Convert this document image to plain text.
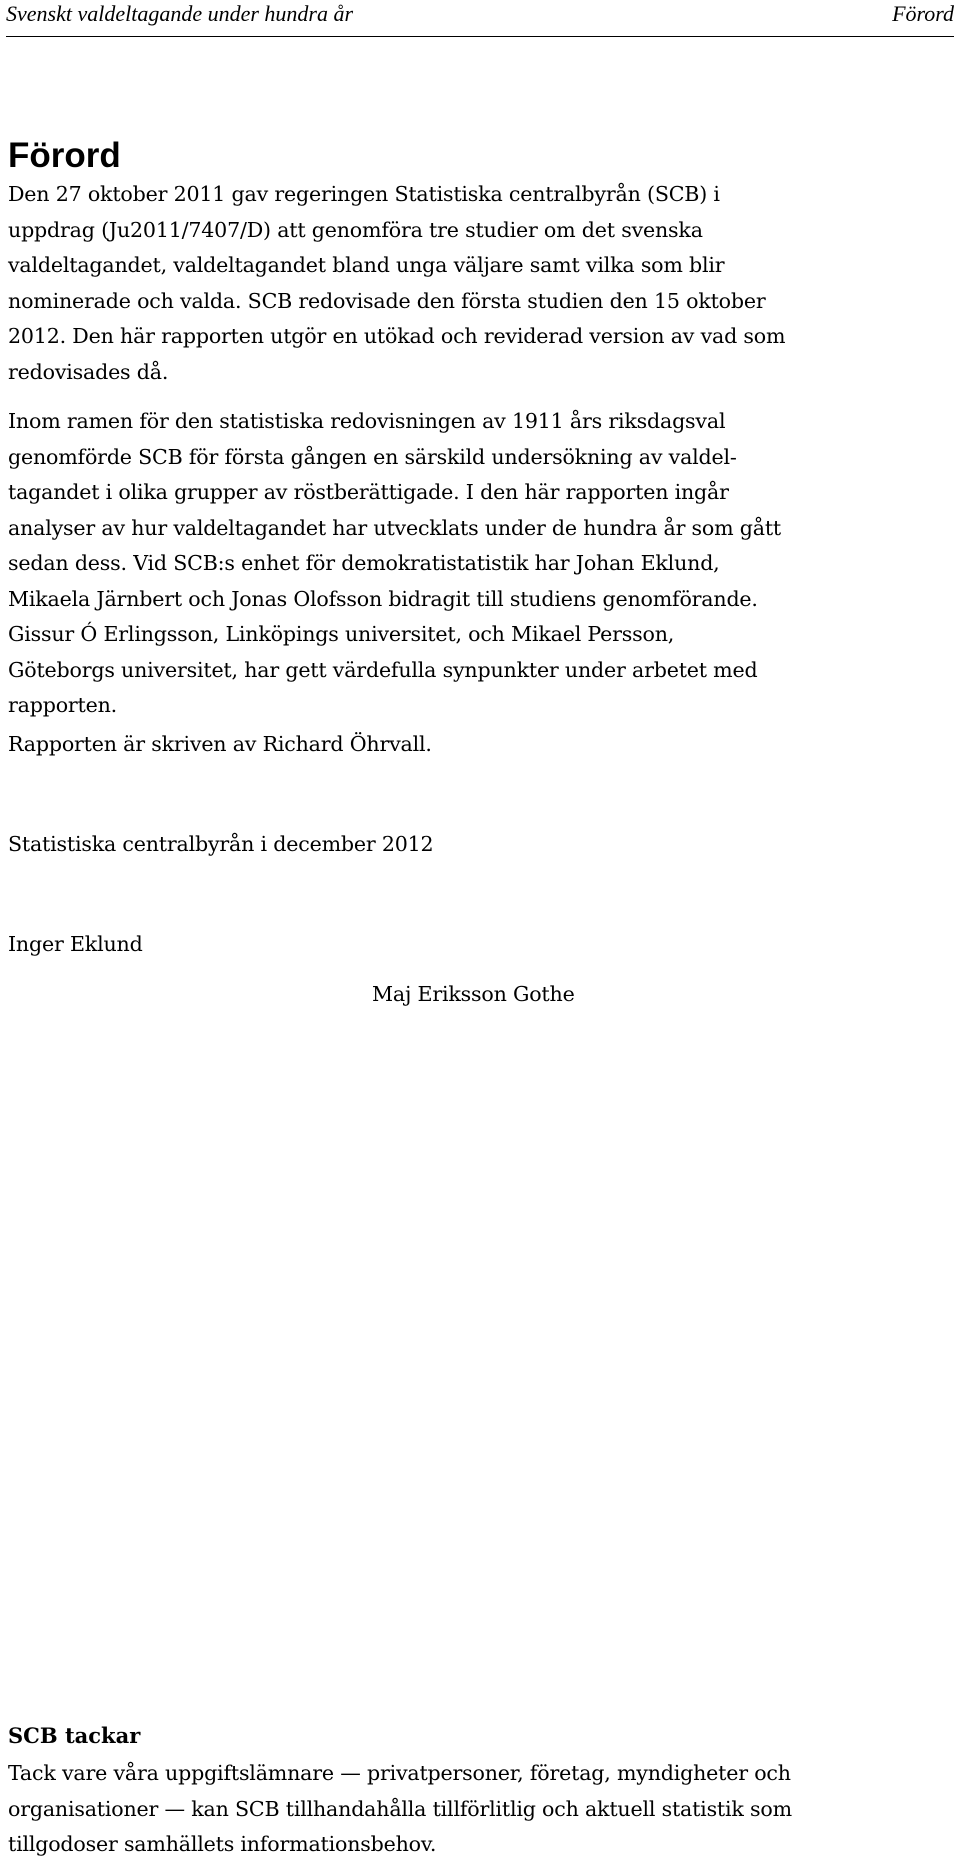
Svenskt valdeltagande under hundra år	Förord
Förord

Den 27 oktober 2011 gav regeringen Statistiska centralbyrån (SCB) i
uppdrag (Ju2011/7407/D) att genomföra tre studier om det svenska
valdeltagandet, valdeltagandet bland unga väljare samt vilka som blir
nominerade och valda. SCB redovisade den första studien den 15 oktober
2012. Den här rapporten utgör en utökad och reviderad version av vad som
redovisades då.

Inom ramen för den statistiska redovisningen av 1911 års riksdagsval
genomförde SCB för första gången en särskild undersökning av valdel-
tagandet i olika grupper av röstberättigade. I den här rapporten ingår
analyser av hur valdeltagandet har utvecklats under de hundra år som gått
sedan dess. Vid SCB:s enhet för demokratistatistik har Johan Eklund,
Mikaela Järnbert och Jonas Olofsson bidragit till studiens genomförande.
Gissur Ó Erlingsson, Linköpings universitet, och Mikael Persson,
Göteborgs universitet, har gett värdefulla synpunkter under arbetet med
rapporten.

Rapporten är skriven av Richard Öhrvall.

Statistiska centralbyrån i december 2012

Inger Eklund

Maj Eriksson Gothe

SCB tackar

Tack vare våra uppgiftslämnare — privatpersoner, företag, myndigheter och
organisationer — kan SCB tillhandahålla tillförlitlig och aktuell statistik som
tillgodoser samhällets informationsbehov.
